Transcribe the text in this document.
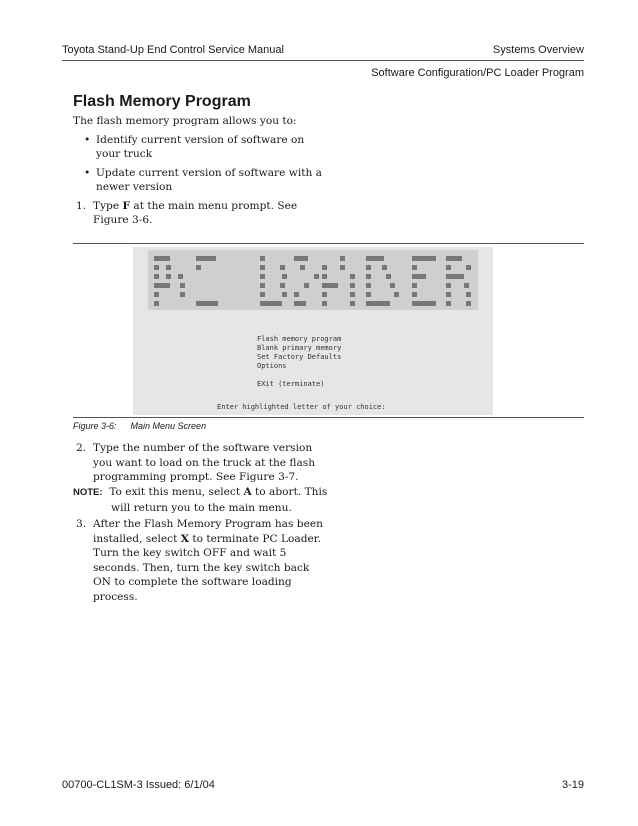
Toyota Stand-Up End Control Service Manual	Systems Overview
Software Configuration/PC Loader Program
Flash Memory Program
The flash memory program allows you to:
• Identify current version of software on your truck
• Update current version of software with a newer version
1. Type F at the main menu prompt. See Figure 3-6.
Flash memory program
Blank primary memory
Set Factory Defaults
Options
EXit (terminate)
Enter highlighted letter of your choice:
Figure 3-6: Main Menu Screen
2. Type the number of the software version you want to load on the truck at the flash programming prompt. See Figure 3-7.
NOTE: To exit this menu, select A to abort. This will return you to the main menu.
3. After the Flash Memory Program has been installed, select X to terminate PC Loader. Turn the key switch OFF and wait 5 seconds. Then, turn the key switch back ON to complete the software loading process.
00700-CL1SM-3 Issued: 6/1/04	3-19
